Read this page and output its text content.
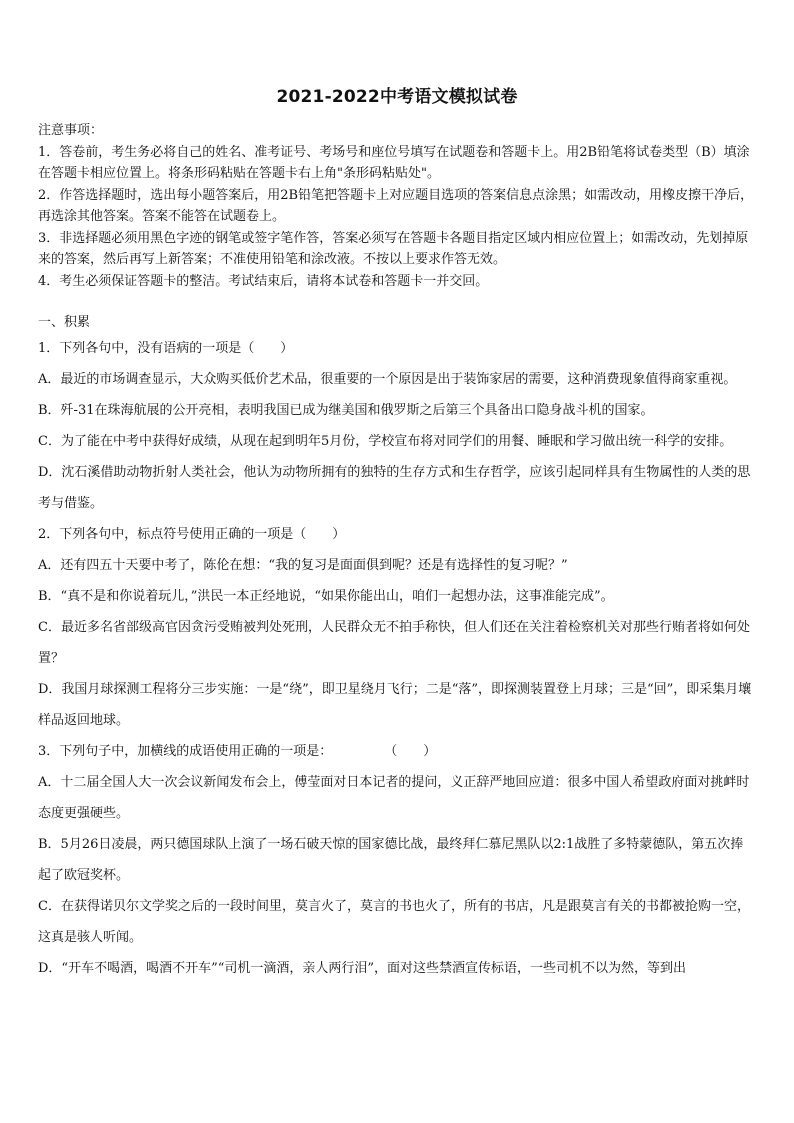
2021-2022中考语文模拟试卷

注意事项：

1．答卷前，考生务必将自己的姓名、准考证号、考场号和座位号填写在试题卷和答题卡上。用2B铅笔将试卷类型（B）填涂在答题卡相应位置上。将条形码粘贴在答题卡右上角"条形码粘贴处"。

2．作答选择题时，选出每小题答案后，用2B铅笔把答题卡上对应题目选项的答案信息点涂黑；如需改动，用橡皮擦干净后，再选涂其他答案。答案不能答在试题卷上。

3．非选择题必须用黑色字迹的钢笔或签字笔作答，答案必须写在答题卡各题目指定区域内相应位置上；如需改动，先划掉原来的答案，然后再写上新答案；不准使用铅笔和涂改液。不按以上要求作答无效。

4．考生必须保证答题卡的整洁。考试结束后，请将本试卷和答题卡一并交回。

一、积累

1．下列各句中，没有语病的一项是（　　）

A．最近的市场调查显示，大众购买低价艺术品，很重要的一个原因是出于装饰家居的需要，这种消费现象值得商家重视。

B．歼-31在珠海航展的公开亮相，表明我国已成为继美国和俄罗斯之后第三个具备出口隐身战斗机的国家。

C．为了能在中考中获得好成绩，从现在起到明年5月份，学校宣布将对同学们的用餐、睡眠和学习做出统一科学的安排。

D．沈石溪借助动物折射人类社会，他认为动物所拥有的独特的生存方式和生存哲学，应该引起同样具有生物属性的人类的思考与借鉴。

2．下列各句中，标点符号使用正确的一项是（　　）

A．还有四五十天要中考了，陈伦在想：“我的复习是面面俱到呢？还是有选择性的复习呢？”

B．“真不是和你说着玩儿，”洪民一本正经地说，“如果你能出山，咱们一起想办法，这事准能完成”。

C．最近多名省部级高官因贪污受贿被判处死刑，人民群众无不拍手称快，但人们还在关注着检察机关对那些行贿者将如何处置？

D．我国月球探测工程将分三步实施：一是“绕”，即卫星绕月飞行；二是“落”，即探测装置登上月球；三是“回”，即采集月壤样品返回地球。

3．下列句子中，加横线的成语使用正确的一项是：　　　　　（　　）

A．十二届全国人大一次会议新闻发布会上，傅莹面对日本记者的提问，义正辞严地回应道：很多中国人希望政府面对挑衅时态度更强硬些。

B．5月26日凌晨，两只德国球队上演了一场石破天惊的国家德比战，最终拜仁慕尼黑队以2:1战胜了多特蒙德队，第五次捧起了欧冠奖杯。

C．在获得诺贝尔文学奖之后的一段时间里，莫言火了，莫言的书也火了，所有的书店，凡是跟莫言有关的书都被抢购一空，这真是骇人听闻。

D．“开车不喝酒，喝酒不开车”“司机一滴酒，亲人两行泪”，面对这些禁酒宣传标语，一些司机不以为然，等到出
